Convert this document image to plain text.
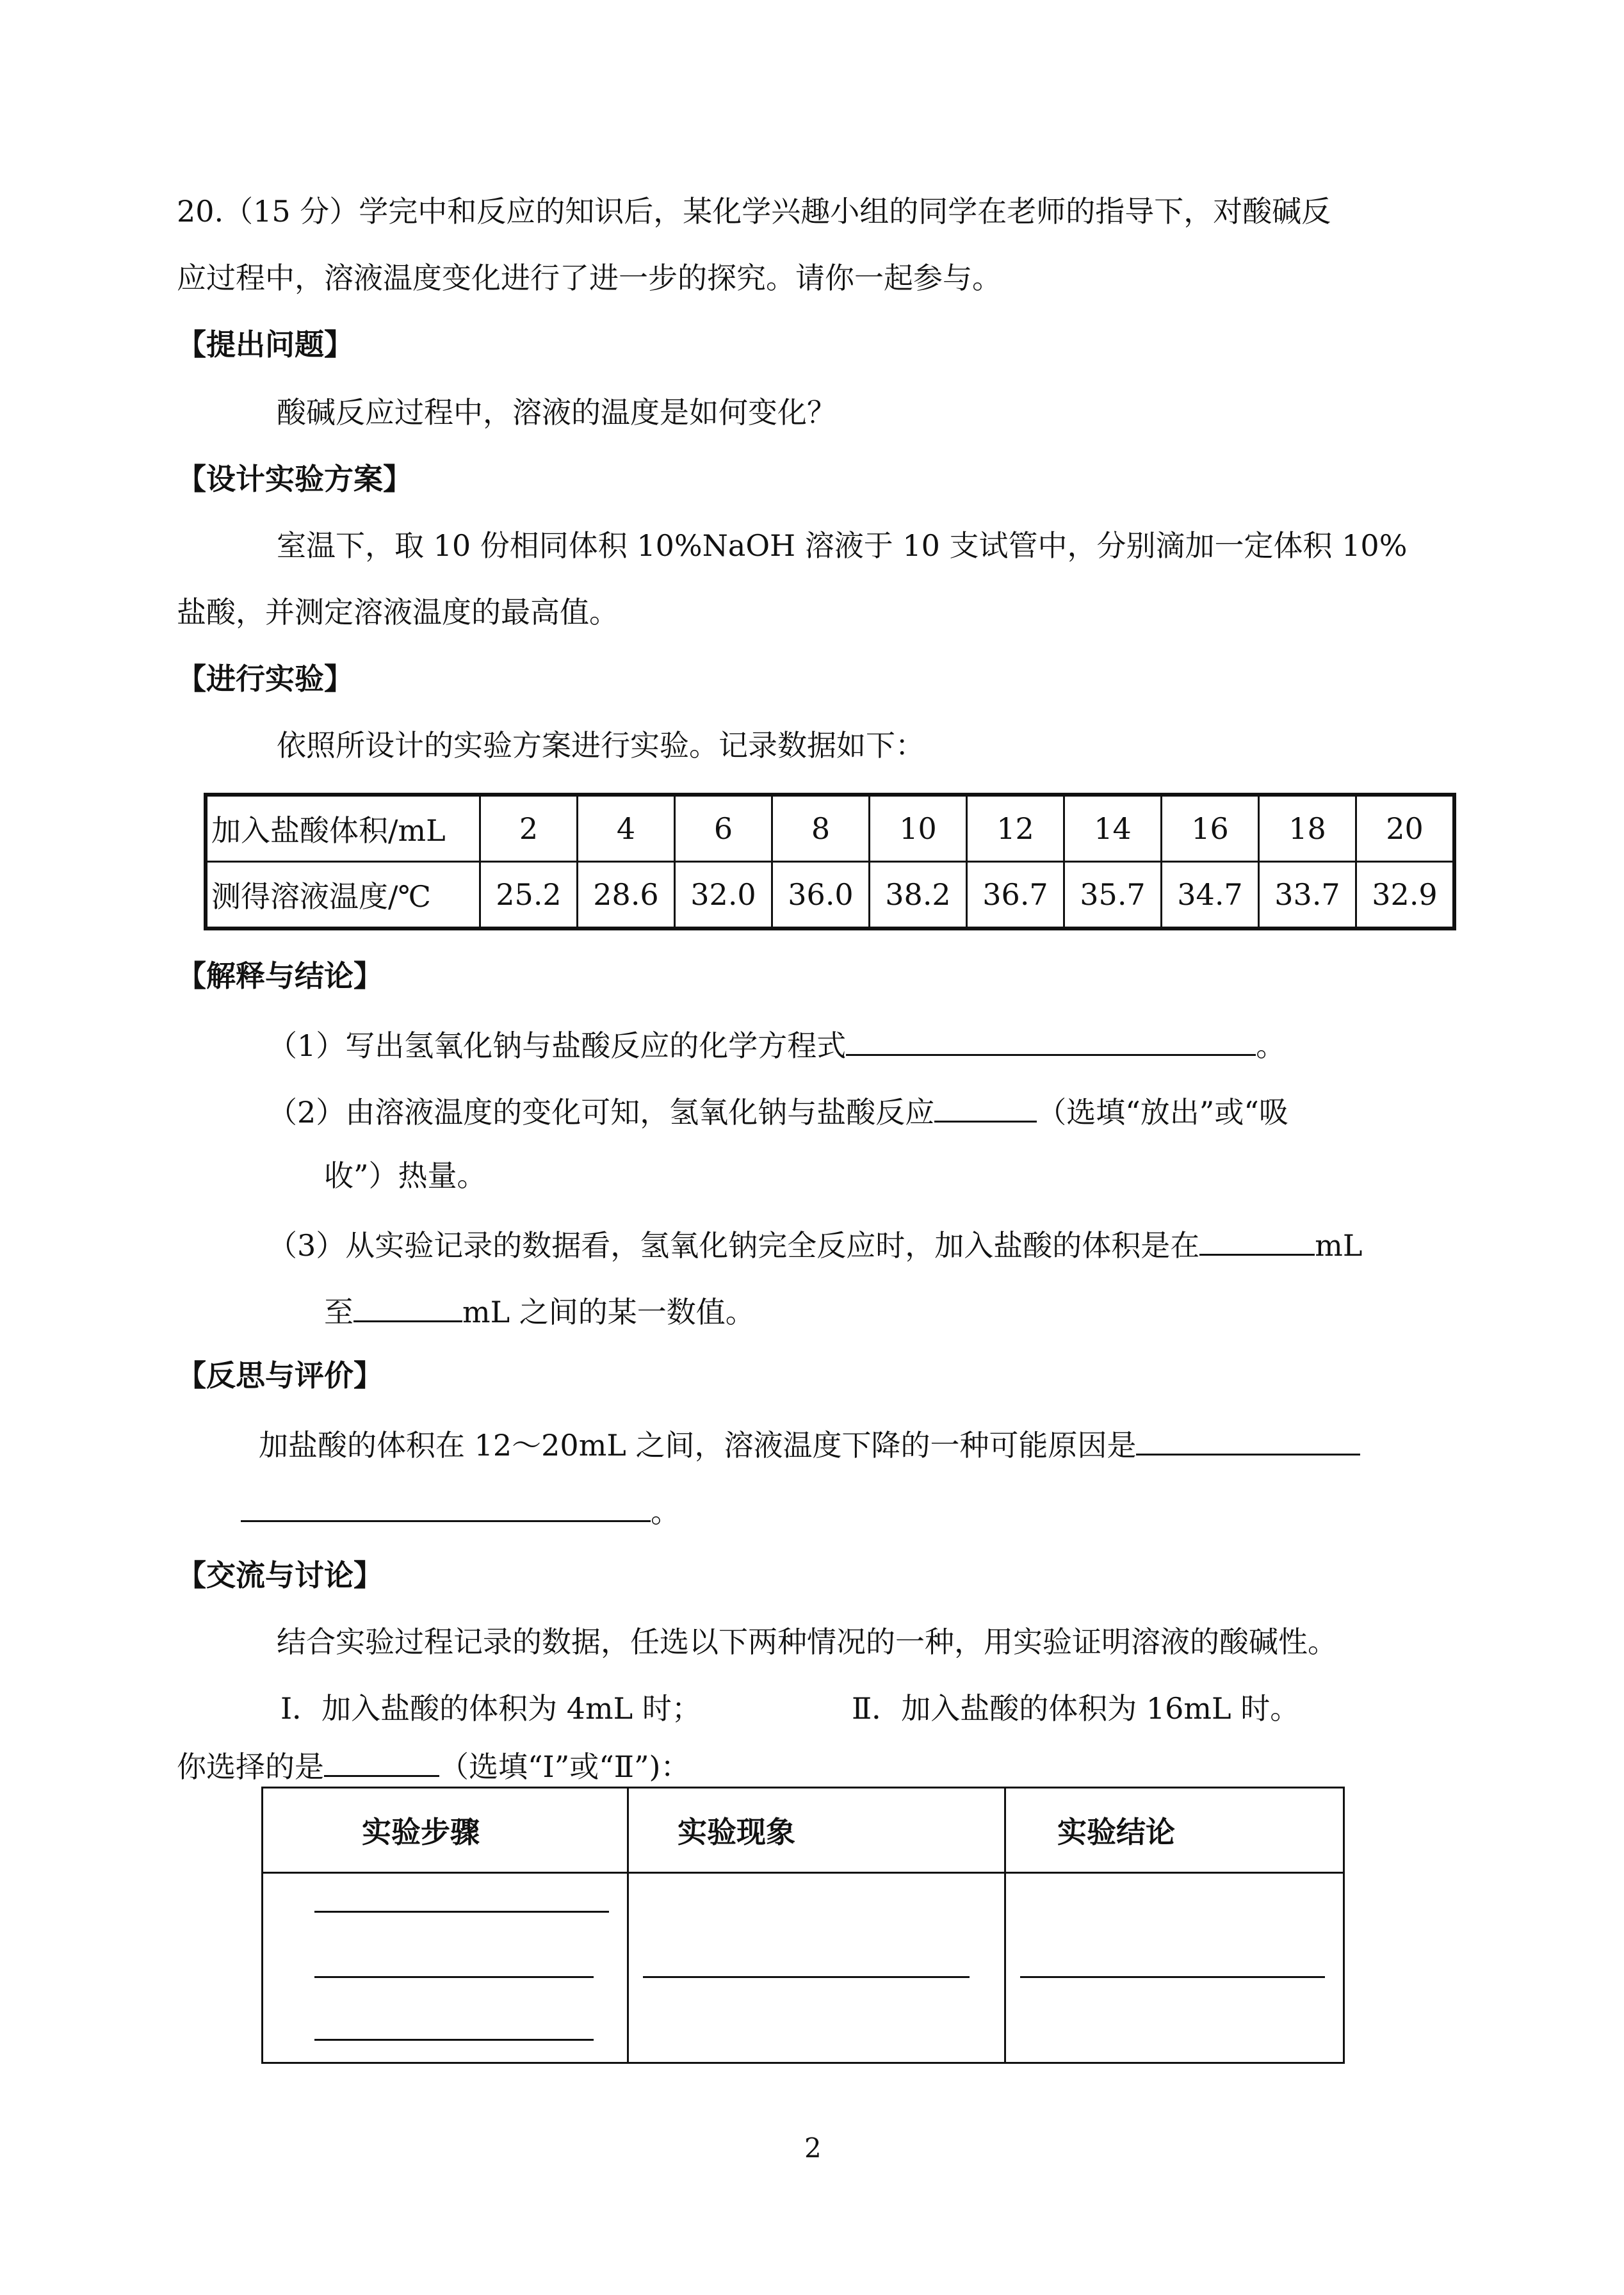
20.（15 分）学完中和反应的知识后，某化学兴趣小组的同学在老师的指导下，对酸碱反
应过程中，溶液温度变化进行了进一步的探究。请你一起参与。
【提出问题】
酸碱反应过程中，溶液的温度是如何变化？
【设计实验方案】
室温下，取 10 份相同体积 10%NaOH 溶液于 10 支试管中，分别滴加一定体积 10%
盐酸，并测定溶液温度的最高值。
【进行实验】
依照所设计的实验方案进行实验。记录数据如下：
加入盐酸体积/mL	2	4	6	8	10	12	14	16	18	20
测得溶液温度/℃	25.2	28.6	32.0	36.0	38.2	36.7	35.7	34.7	33.7	32.9
【解释与结论】
（1）写出氢氧化钠与盐酸反应的化学方程式	。
（2）由溶液温度的变化可知，氢氧化钠与盐酸反应	（选填“放出”或“吸
收”）热量。
（3）从实验记录的数据看，氢氧化钠完全反应时，加入盐酸的体积是在	mL
至	mL 之间的某一数值。
【反思与评价】
加盐酸的体积在 12～20mL 之间，溶液温度下降的一种可能原因是
。
【交流与讨论】
结合实验过程记录的数据，任选以下两种情况的一种，用实验证明溶液的酸碱性。
Ⅰ．加入盐酸的体积为 4mL 时；	Ⅱ．加入盐酸的体积为 16mL 时。
你选择的是	（选填“Ⅰ”或“Ⅱ”)：
实验步骤	实验现象	实验结论

2
